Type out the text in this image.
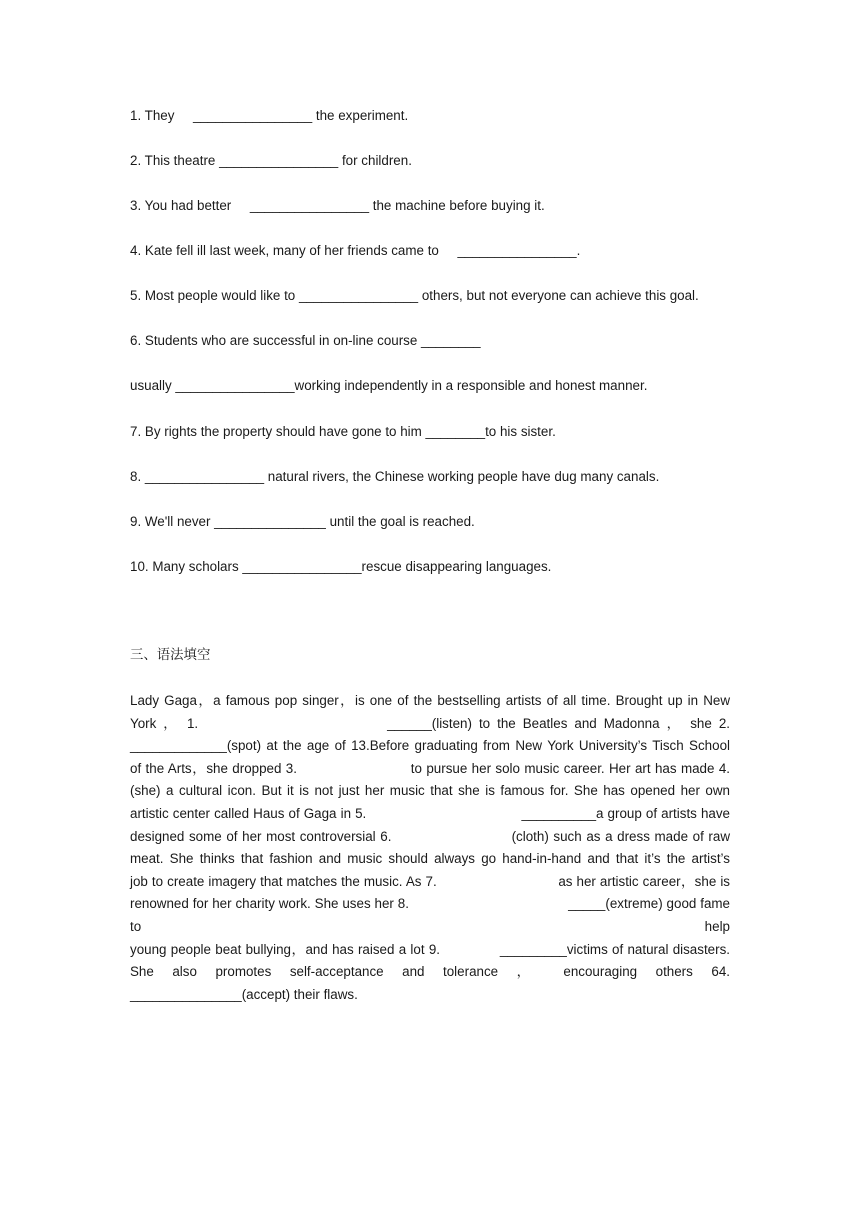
1. They     ________________ the experiment.
2. This theatre ________________ for children.
3. You had better     ________________ the machine before buying it.
4. Kate fell ill last week, many of her friends came to     ________________.
5. Most people would like to ________________ others, but not everyone can achieve this goal.
6. Students who are successful in on-line course ________
usually ________________working independently in a responsible and honest manner.
7. By rights the property should have gone to him ________to his sister.
8. ________________ natural rivers, the Chinese working people have dug many canals.
9. We'll never _______________ until the goal is reached.
10. Many scholars ________________rescue disappearing languages.
三、语法填空

Lady Gaga，a famous pop singer，is one of the bestselling artists of all time. Brought up in New

York ， 1.                           ______(listen) to the Beatles and Madonna ， she 2.

_____________(spot) at the age of 13.Before graduating from New York University’s Tisch School

of the Arts，she dropped 3.                          to pursue her solo music career. Her art has made 4.

(she) a cultural icon. But it is not just her music that she is famous for. She has opened her own

artistic center called Haus of Gaga in 5.                                      __________a group of artists have

designed some of her most controversial 6.                          (cloth) such as a dress made of raw

meat. She thinks that fashion and music should always go hand-in-hand and that it’s the artist’s

job to create imagery that matches the music. As 7.                              as her artistic career，she is

renowned for her charity work. She uses her 8.                                         _____(extreme) good fame to help

young people beat bullying，and has raised a lot 9.              _________victims of natural disasters.

She also promotes self-acceptance and tolerance ， encouraging others 64.

_______________(accept) their flaws.
